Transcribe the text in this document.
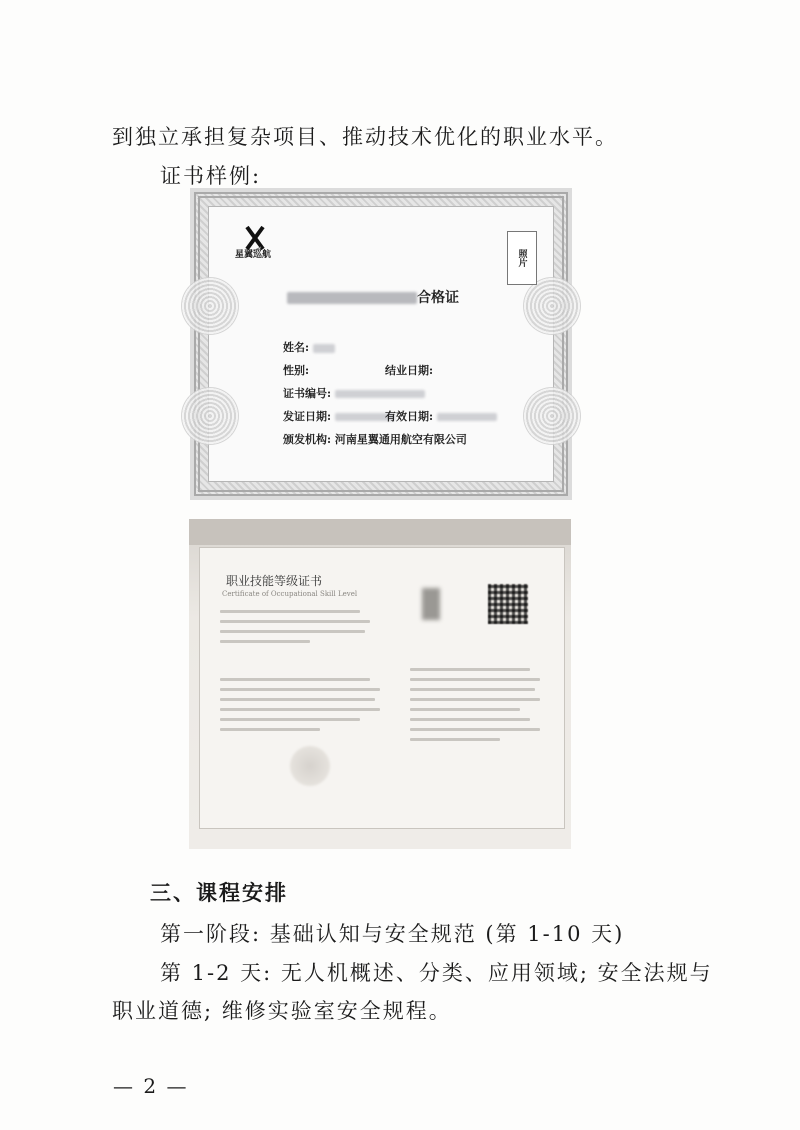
到独立承担复杂项目、推动技术优化的职业水平。
证书样例:
星翼巡航
合格证
照片
姓名:
性别:	结业日期:
证书编号:
发证日期:	有效日期:
颁发机构: 河南星翼通用航空有限公司
职业技能等级证书
Certificate of Occupational Skill Level
三、课程安排
第一阶段: 基础认知与安全规范 (第 1-10 天)
第 1-2 天: 无人机概述、分类、应用领域; 安全法规与
职业道德; 维修实验室安全规程。
— 2 —
